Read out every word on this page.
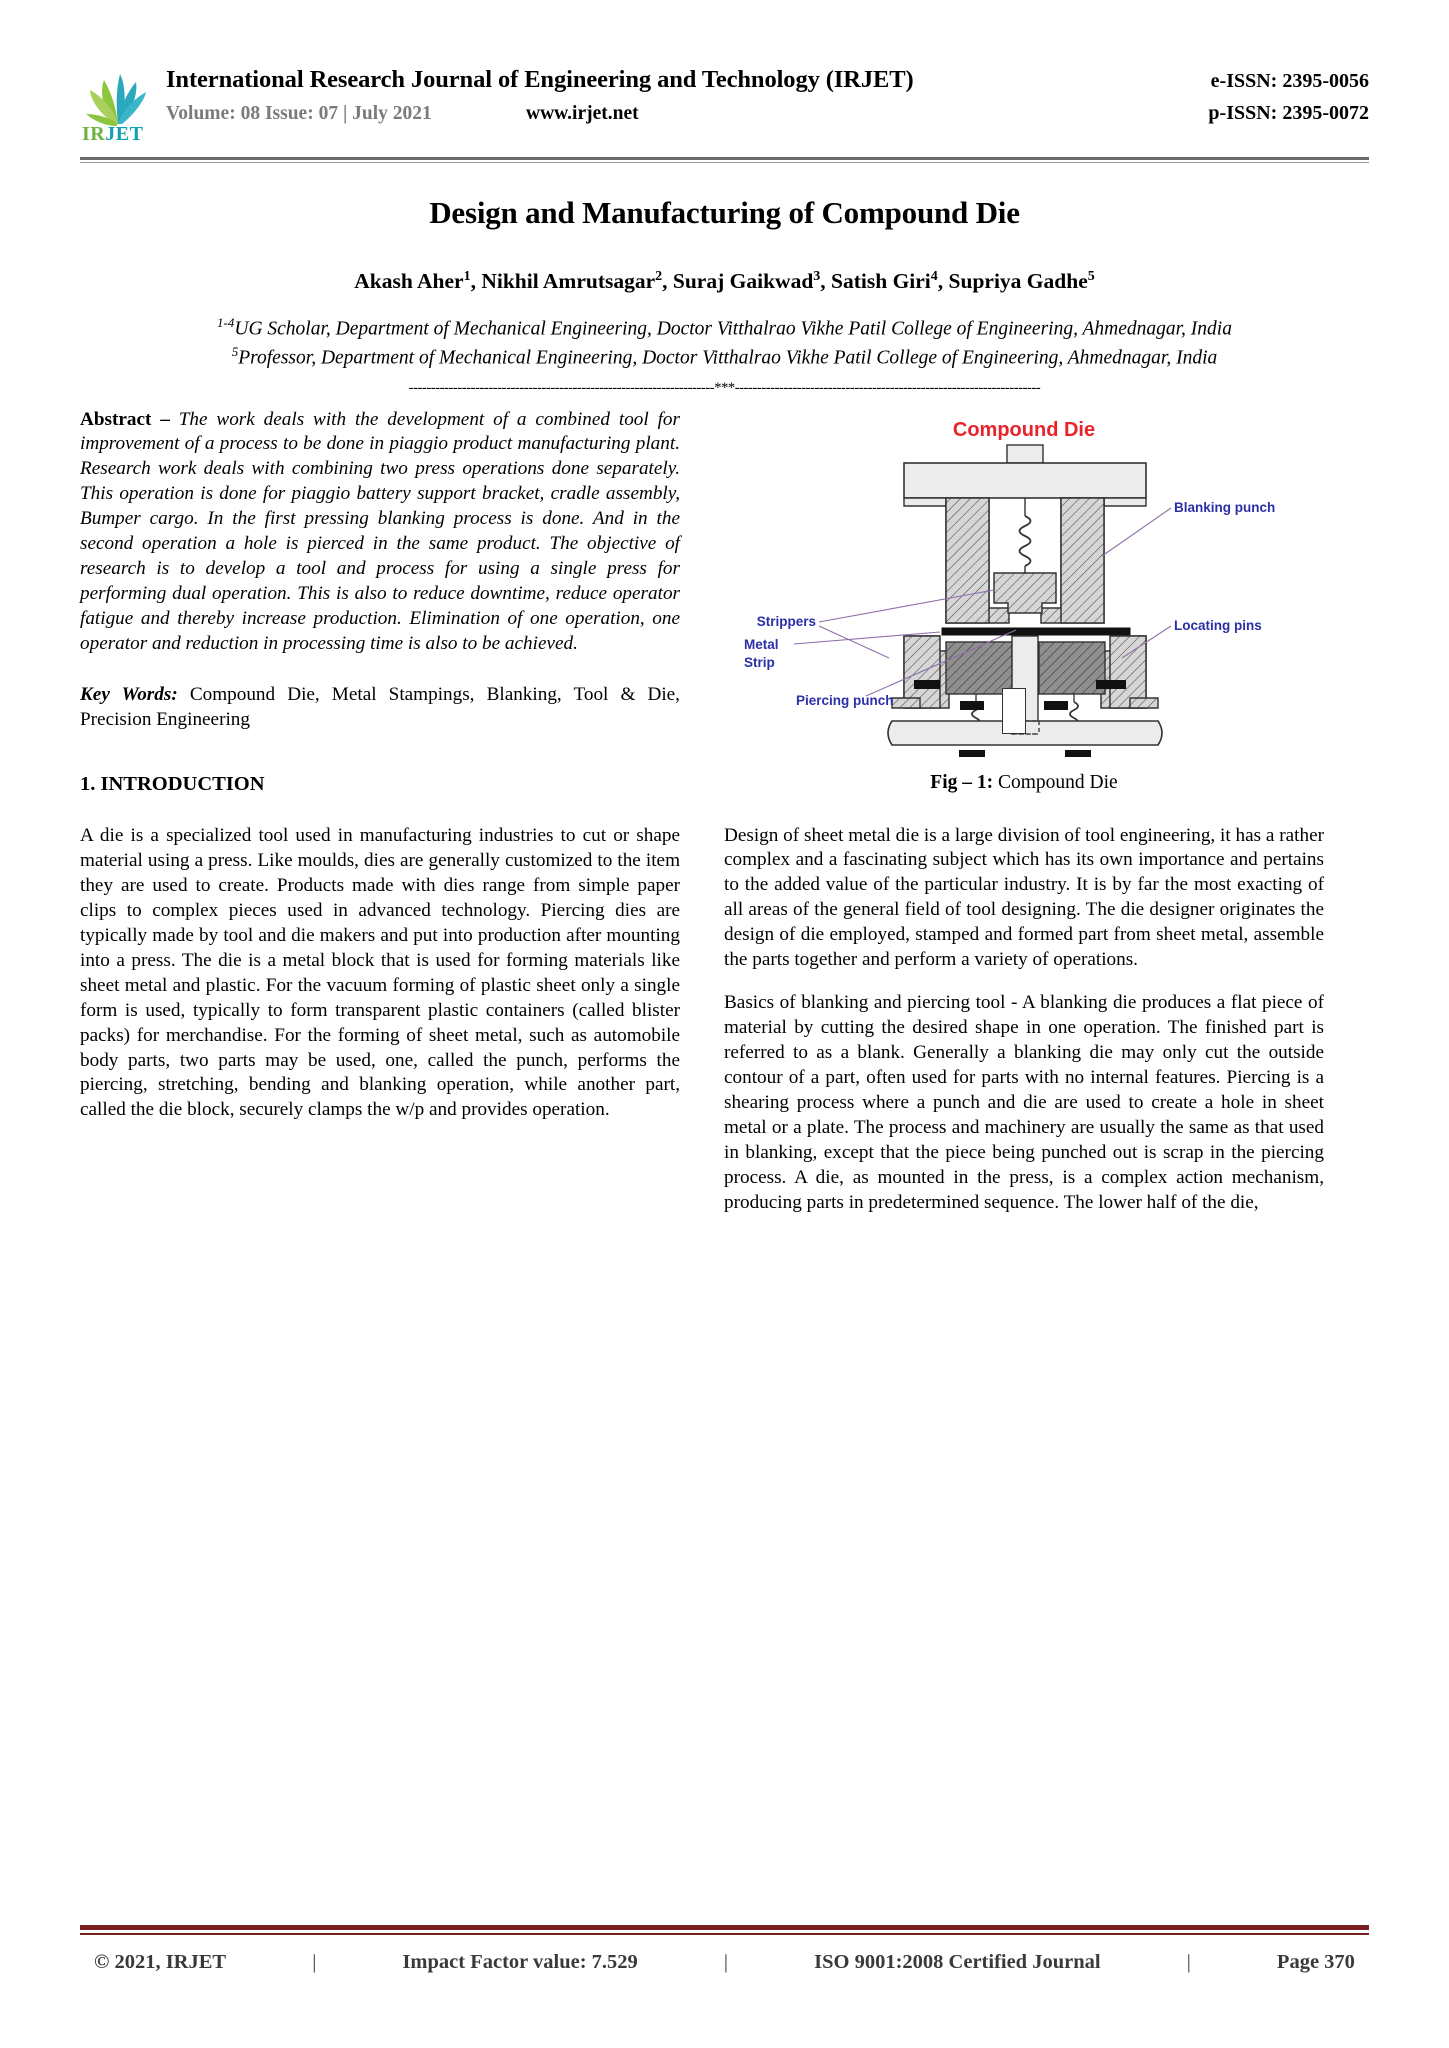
IRJET
International Research Journal of Engineering and Technology (IRJET)	e-ISSN: 2395-0056
Volume: 08 Issue: 07 | July 2021	www.irjet.net	p-ISSN: 2395-0072
Design and Manufacturing of Compound Die
Akash Aher$^1$, Nikhil Amrutsagar$^2$, Suraj Gaikwad$^3$, Satish Giri$^4$, Supriya Gadhe$^5$
$^{1-4}$UG Scholar, Department of Mechanical Engineering, Doctor Vitthalrao Vikhe Patil College of Engineering, Ahmednagar, India
$^5$Professor, Department of Mechanical Engineering, Doctor Vitthalrao Vikhe Patil College of Engineering, Ahmednagar, India
---------------------------------------------------------------------***---------------------------------------------------------------------

Abstract – The work deals with the development of a combined tool for improvement of a process to be done in piaggio product manufacturing plant. Research work deals with combining two press operations done separately. This operation is done for piaggio battery support bracket, cradle assembly, Bumper cargo. In the first pressing blanking process is done. And in the second operation a hole is pierced in the same product. The objective of research is to develop a tool and process for using a single press for performing dual operation. This is also to reduce downtime, reduce operator fatigue and thereby increase production. Elimination of one operation, one operator and reduction in processing time is also to be achieved.

Key Words: Compound Die, Metal Stampings, Blanking, Tool & Die, Precision Engineering

1. INTRODUCTION

A die is a specialized tool used in manufacturing industries to cut or shape material using a press. Like moulds, dies are generally customized to the item they are used to create. Products made with dies range from simple paper clips to complex pieces used in advanced technology. Piercing dies are typically made by tool and die makers and put into production after mounting into a press. The die is a metal block that is used for forming materials like sheet metal and plastic. For the vacuum forming of plastic sheet only a single form is used, typically to form transparent plastic containers (called blister packs) for merchandise. For the forming of sheet metal, such as automobile body parts, two parts may be used, one, called the punch, performs the piercing, stretching, bending and blanking operation, while another part, called the die block, securely clamps the w/p and provides operation.

Compound Die
Strippers
Metal
Strip
Blanking punch
Locating pins
Piercing punch
Fig – 1: Compound Die

Design of sheet metal die is a large division of tool engineering, it has a rather complex and a fascinating subject which has its own importance and pertains to the added value of the particular industry. It is by far the most exacting of all areas of the general field of tool designing. The die designer originates the design of die employed, stamped and formed part from sheet metal, assemble the parts together and perform a variety of operations.

Basics of blanking and piercing tool - A blanking die produces a flat piece of material by cutting the desired shape in one operation. The finished part is referred to as a blank. Generally a blanking die may only cut the outside contour of a part, often used for parts with no internal features. Piercing is a shearing process where a punch and die are used to create a hole in sheet metal or a plate. The process and machinery are usually the same as that used in blanking, except that the piece being punched out is scrap in the piercing process. A die, as mounted in the press, is a complex action mechanism, producing parts in predetermined sequence. The lower half of the die,

© 2021, IRJET	|	Impact Factor value: 7.529	|	ISO 9001:2008 Certified Journal	|	Page 370
